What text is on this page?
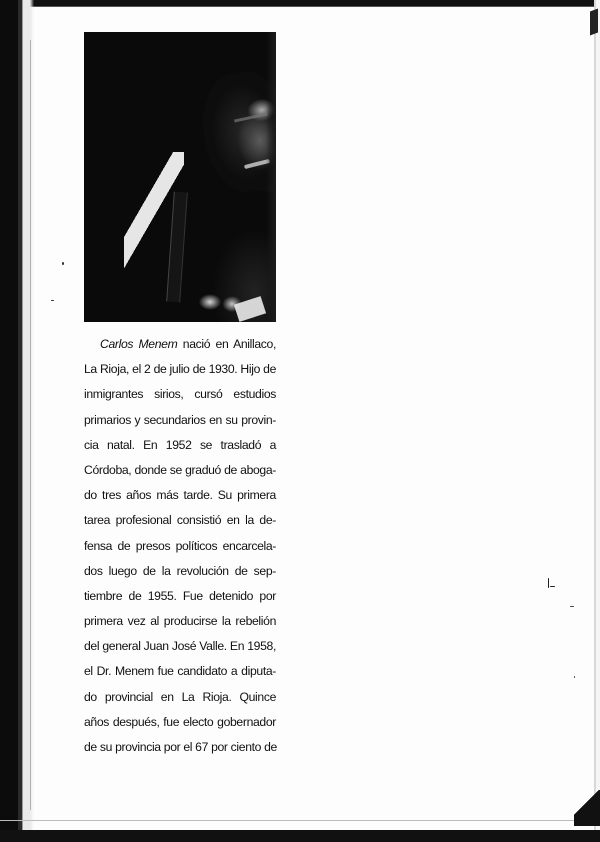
Carlos Menem nació en Anillaco,
La Rioja, el 2 de julio de 1930. Hijo de
inmigrantes sirios, cursó estudios
primarios y secundarios en su provin-
cia natal. En 1952 se trasladó a
Córdoba, donde se graduó de aboga-
do tres años más tarde. Su primera
tarea profesional consistió en la de-
fensa de presos políticos encarcela-
dos luego de la revolución de sep-
tiembre de 1955. Fue detenido por
primera vez al producirse la rebelión
del general Juan José Valle. En 1958,
el Dr. Menem fue candidato a diputa-
do provincial en La Rioja. Quince
años después, fue electo gobernador
de su provincia por el 67 por ciento de
